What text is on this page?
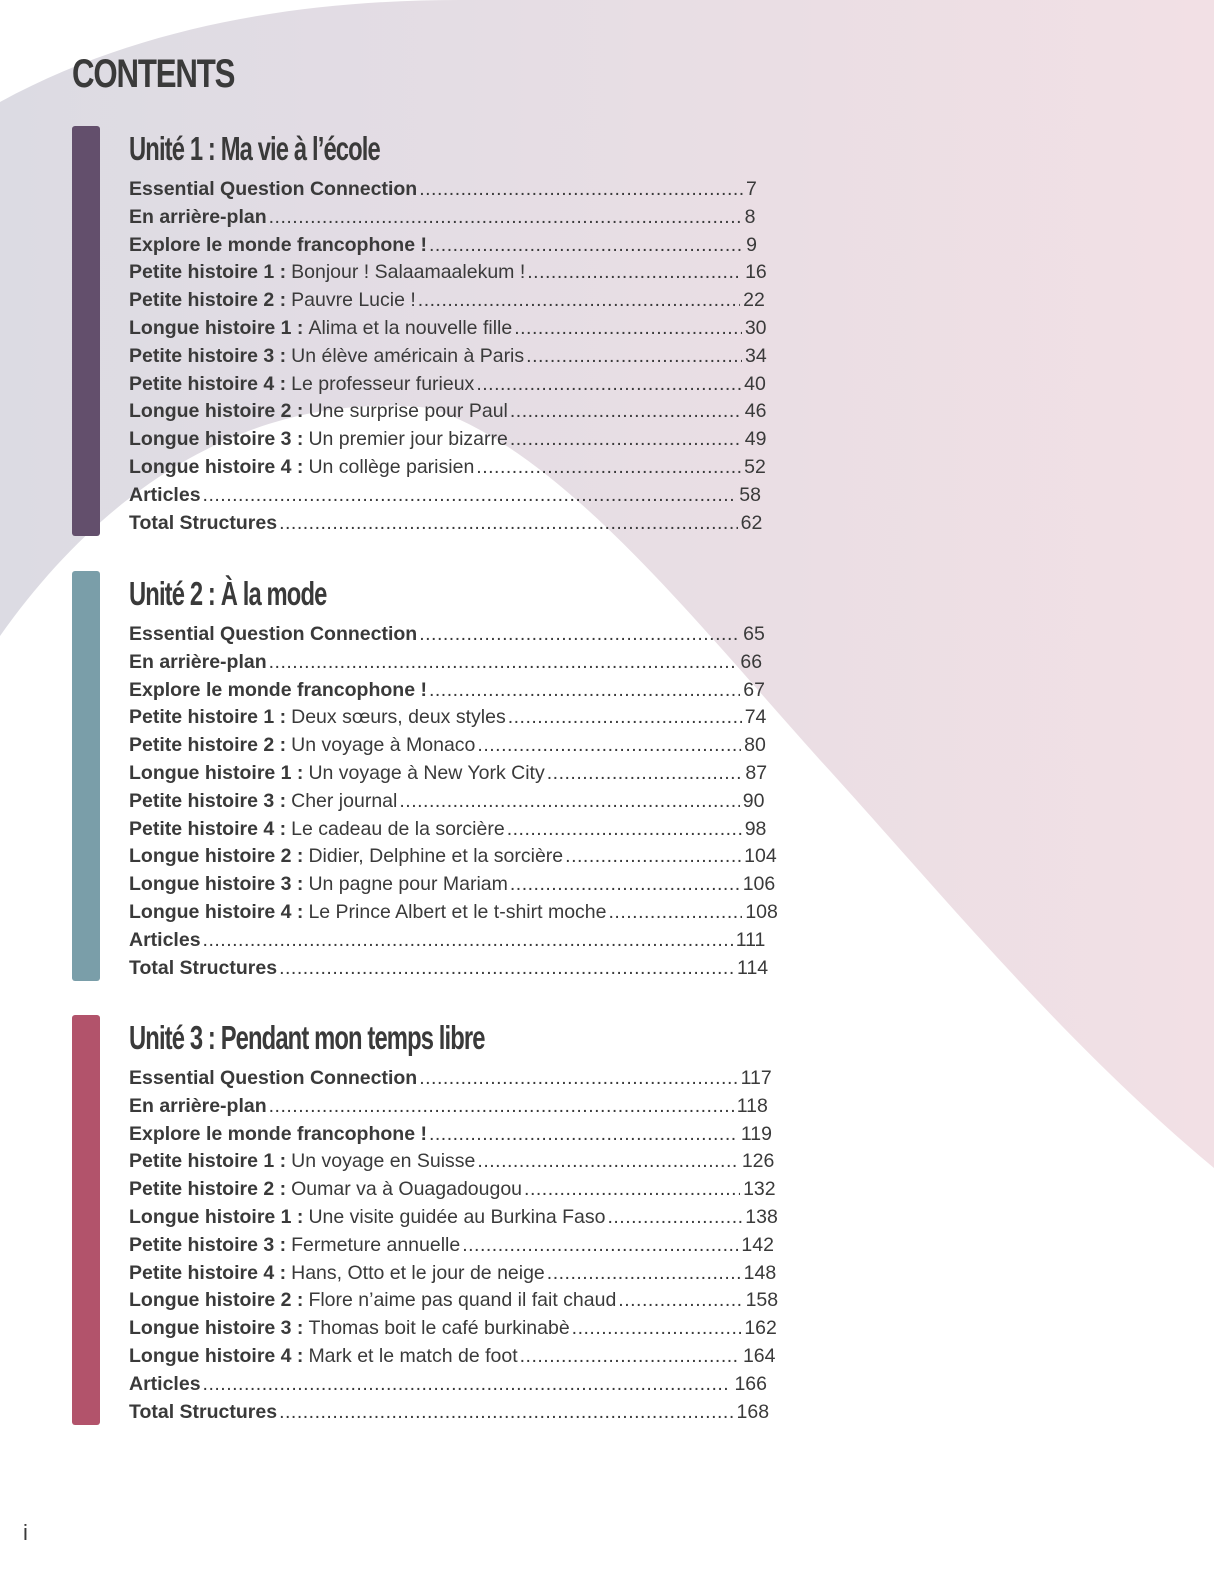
CONTENTS
Unité 1 : Ma vie à l’école
Essential Question Connection .....	7
En arrière-plan .....	8
Explore le monde francophone ! .....	9
Petite histoire 1 : Bonjour ! Salaamaalekum ! .....	16
Petite histoire 2 : Pauvre Lucie ! .....	22
Longue histoire 1 : Alima et la nouvelle fille .....	30
Petite histoire 3 : Un élève américain à Paris .....	34
Petite histoire 4 : Le professeur furieux .....	40
Longue histoire 2 : Une surprise pour Paul .....	46
Longue histoire 3 : Un premier jour bizarre .....	49
Longue histoire 4 : Un collège parisien .....	52
Articles .....	58
Total Structures .....	62
Unité 2 : À la mode
Essential Question Connection .....	65
En arrière-plan .....	66
Explore le monde francophone ! .....	67
Petite histoire 1 : Deux sœurs, deux styles .....	74
Petite histoire 2 : Un voyage à Monaco .....	80
Longue histoire 1 : Un voyage à New York City .....	87
Petite histoire 3 : Cher journal .....	90
Petite histoire 4 : Le cadeau de la sorcière .....	98
Longue histoire 2 : Didier, Delphine et la sorcière .....	104
Longue histoire 3 : Un pagne pour Mariam .....	106
Longue histoire 4 : Le Prince Albert et le t-shirt moche .....	108
Articles .....	111
Total Structures .....	114
Unité 3 : Pendant mon temps libre
Essential Question Connection .....	117
En arrière-plan .....	118
Explore le monde francophone ! .....	119
Petite histoire 1 : Un voyage en Suisse .....	126
Petite histoire 2 : Oumar va à Ouagadougou .....	132
Longue histoire 1 : Une visite guidée au Burkina Faso .....	138
Petite histoire 3 : Fermeture annuelle .....	142
Petite histoire 4 : Hans, Otto et le jour de neige .....	148
Longue histoire 2 : Flore n’aime pas quand il fait chaud .....	158
Longue histoire 3 : Thomas boit le café burkinabè .....	162
Longue histoire 4 : Mark et le match de foot .....	164
Articles .....	166
Total Structures .....	168
i
